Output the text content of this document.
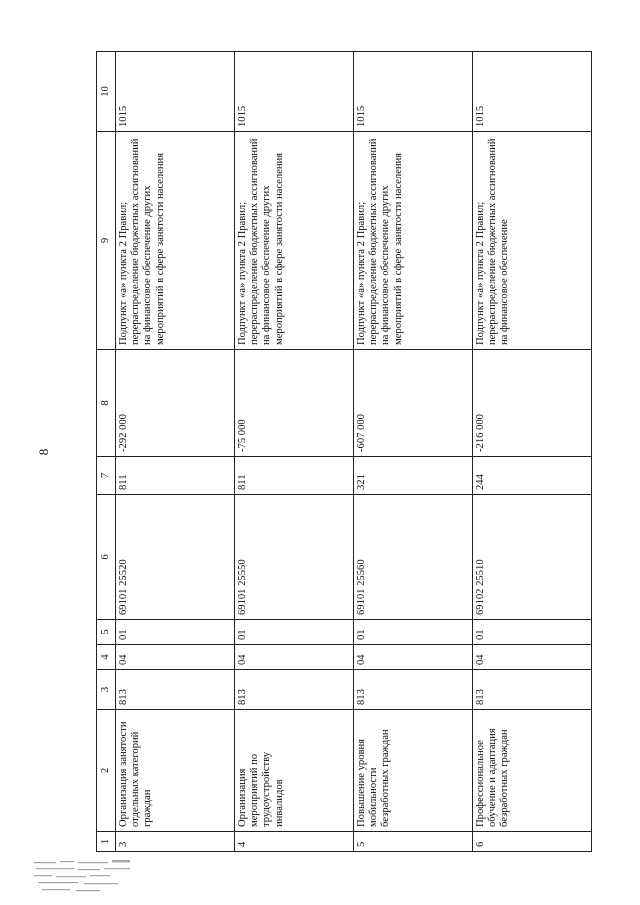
8
1	2	3	4	5	6	7	8	9	10
3	Организация занятости отдельных категорий граждан	813	04	01	69101 25520	811	-292 000	Подпункт «а» пункта 2 Правил; перераспределение бюджетных ассигнований на финансовое обеспечение других мероприятий в сфере занятости населения	1015
4	Организация мероприятий по трудоустройству инвалидов	813	04	01	69101 25550	811	-75 000	Подпункт «а» пункта 2 Правил; перераспределение бюджетных ассигнований на финансовое обеспечение других мероприятий в сфере занятости населения	1015
5	Повышение уровня мобильности безработных граждан	813	04	01	69101 25560	321	-607 000	Подпункт «а» пункта 2 Правил; перераспределение бюджетных ассигнований на финансовое обеспечение других мероприятий в сфере занятости населения	1015
6	Профессиональное обучение и адаптация безработных граждан	813	04	01	69102 25510	244	-216 000	Подпункт «а» пункта 2 Правил; перераспределение бюджетных ассигнований на финансовое обеспечение	1015
